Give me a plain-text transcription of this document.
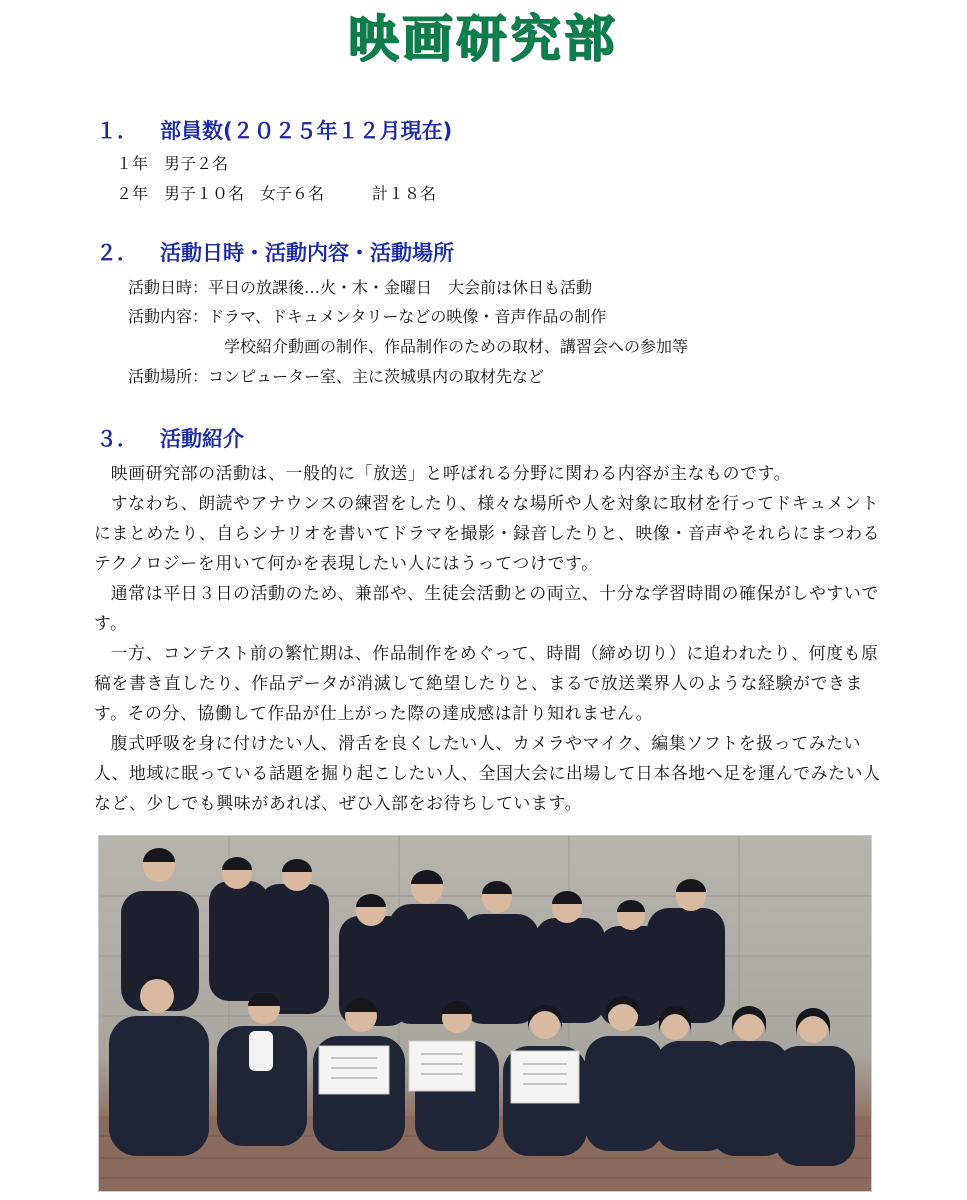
映画研究部
１． 部員数(２０２５年１２月現在)
１年　男子２名
２年　男子１０名　女子６名　　　計１８名
２． 活動日時・活動内容・活動場所
活動日時：平日の放課後…火・木・金曜日　大会前は休日も活動
活動内容：ドラマ、ドキュメンタリーなどの映像・音声作品の制作
学校紹介動画の制作、作品制作のための取材、講習会への参加等
活動場所：コンピューター室、主に茨城県内の取材先など
３． 活動紹介

映画研究部の活動は、一般的に「放送」と呼ばれる分野に関わる内容が主なものです。

すなわち、朗読やアナウンスの練習をしたり、様々な場所や人を対象に取材を行ってドキュメントにまとめたり、自らシナリオを書いてドラマを撮影・録音したりと、映像・音声やそれらにまつわるテクノロジーを用いて何かを表現したい人にはうってつけです。

通常は平日３日の活動のため、兼部や、生徒会活動との両立、十分な学習時間の確保がしやすいです。

一方、コンテスト前の繁忙期は、作品制作をめぐって、時間（締め切り）に追われたり、何度も原稿を書き直したり、作品データが消滅して絶望したりと、まるで放送業界人のような経験ができます。その分、協働して作品が仕上がった際の達成感は計り知れません。

腹式呼吸を身に付けたい人、滑舌を良くしたい人、カメラやマイク、編集ソフトを扱ってみたい人、地域に眠っている話題を掘り起こしたい人、全国大会に出場して日本各地へ足を運んでみたい人など、少しでも興味があれば、ぜひ入部をお待ちしています。
